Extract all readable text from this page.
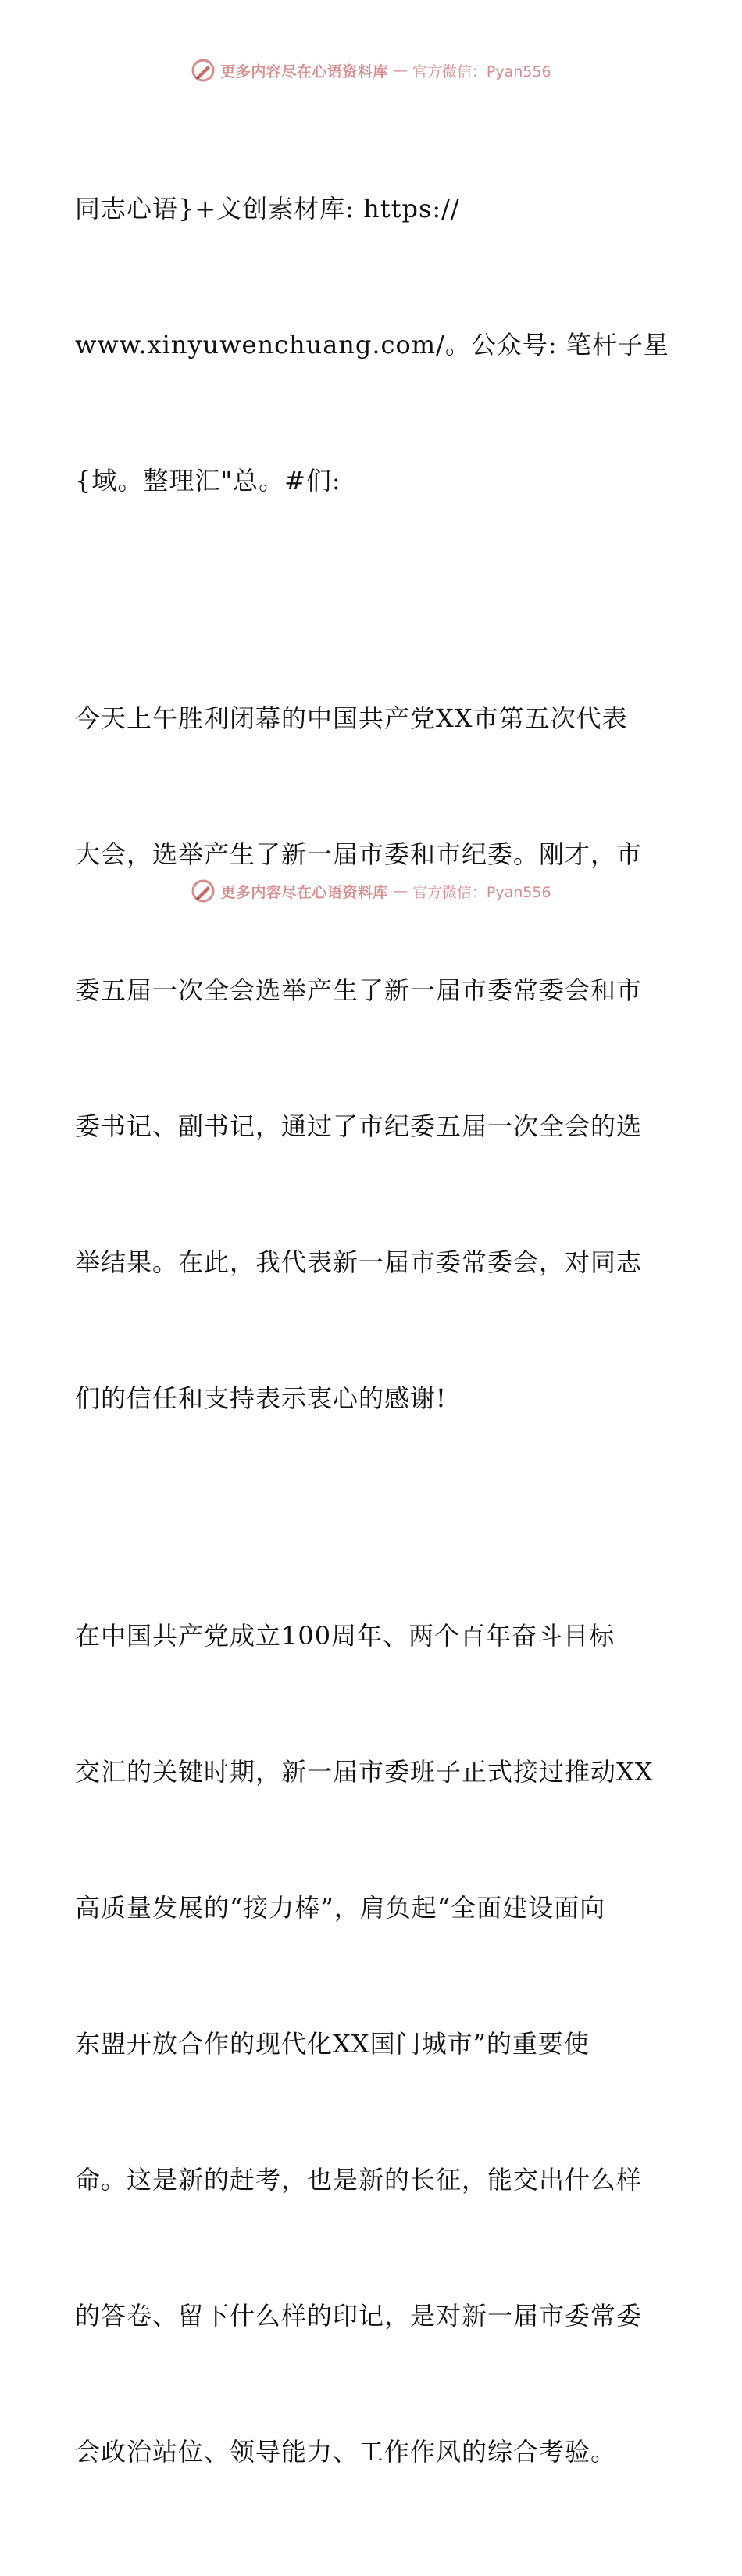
更多内容尽在心语资料库 — 官方微信：Pyan556

同志心语}+文创素材库: https://

www.xinyuwenchuang.com/。公众号: 笔杆子星

{域。整理汇"总。#们:

今天上午胜利闭幕的中国共产党XX市第五次代表

大会，选举产生了新一届市委和市纪委。刚才，市

委五届一次全会选举产生了新一届市委常委会和市

委书记、副书记，通过了市纪委五届一次全会的选

举结果。在此，我代表新一届市委常委会，对同志

们的信任和支持表示衷心的感谢!

在中国共产党成立100周年、两个百年奋斗目标

交汇的关键时期，新一届市委班子正式接过推动XX

高质量发展的“接力棒”，肩负起“全面建设面向

东盟开放合作的现代化XX国门城市”的重要使

命。这是新的赶考，也是新的长征，能交出什么样

的答卷、留下什么样的印记，是对新一届市委常委

会政治站位、领导能力、工作作风的综合考验。

更多内容尽在心语资料库 — 官方微信：Pyan556
